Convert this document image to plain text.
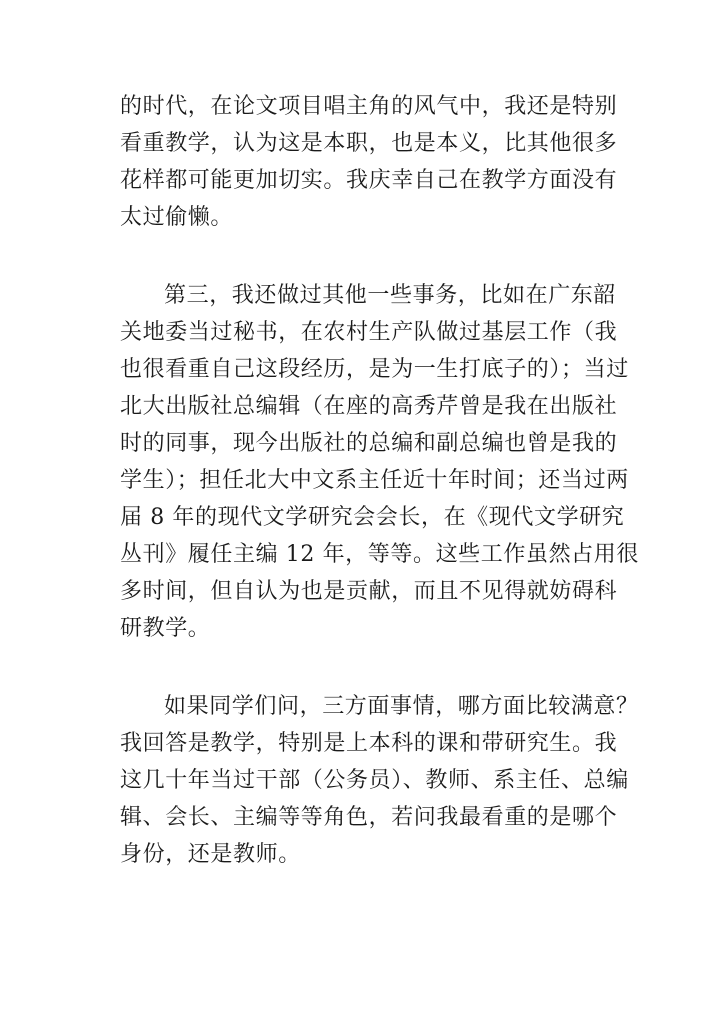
的时代，在论文项目唱主角的风气中，我还是特别
看重教学，认为这是本职，也是本义，比其他很多
花样都可能更加切实。我庆幸自己在教学方面没有
太过偷懒。

第三，我还做过其他一些事务，比如在广东韶
关地委当过秘书，在农村生产队做过基层工作（我
也很看重自己这段经历，是为一生打底子的）；当过
北大出版社总编辑（在座的高秀芹曾是我在出版社
时的同事，现今出版社的总编和副总编也曾是我的
学生）；担任北大中文系主任近十年时间；还当过两
届 8 年的现代文学研究会会长，在《现代文学研究
丛刊》履任主编 12 年，等等。这些工作虽然占用很
多时间，但自认为也是贡献，而且不见得就妨碍科
研教学。

如果同学们问，三方面事情，哪方面比较满意？
我回答是教学，特别是上本科的课和带研究生。我
这几十年当过干部（公务员）、教师、系主任、总编
辑、会长、主编等等角色，若问我最看重的是哪个
身份，还是教师。
